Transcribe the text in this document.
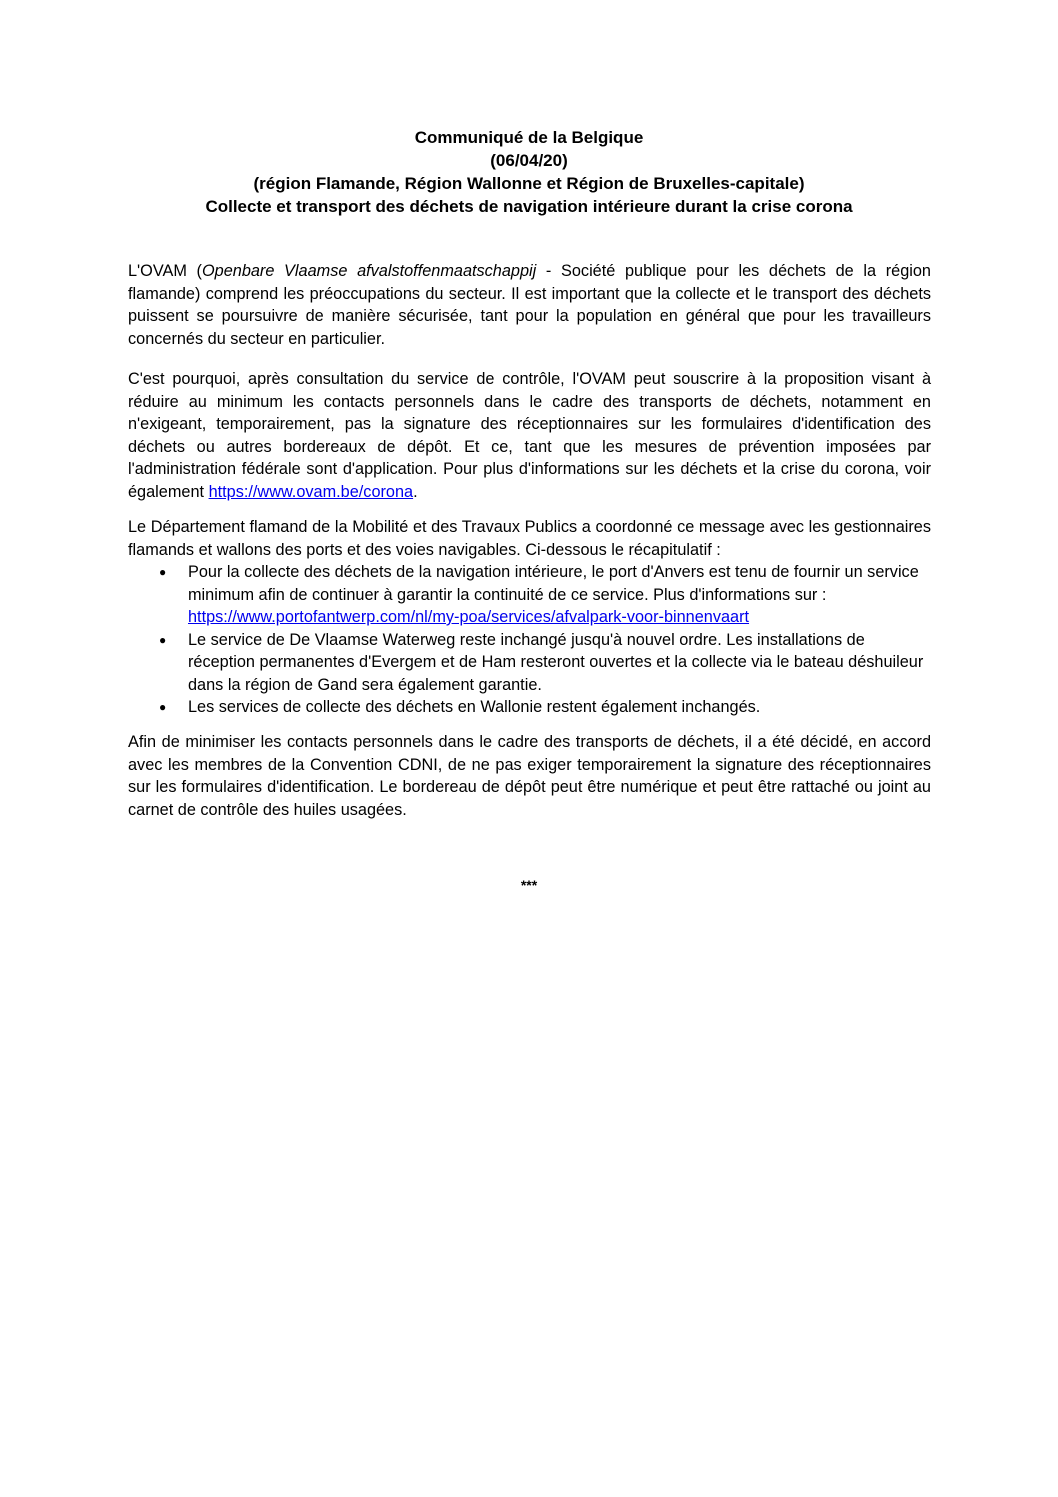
Communiqué de la Belgique
(06/04/20)
(région Flamande, Région Wallonne et Région de Bruxelles-capitale)
Collecte et transport des déchets de navigation intérieure durant la crise corona

L'OVAM (Openbare Vlaamse afvalstoffenmaatschappij - Société publique pour les déchets de la région flamande) comprend les préoccupations du secteur. Il est important que la collecte et le transport des déchets puissent se poursuivre de manière sécurisée, tant pour la population en général que pour les travailleurs concernés du secteur en particulier.

C'est pourquoi, après consultation du service de contrôle, l'OVAM peut souscrire à la proposition visant à réduire au minimum les contacts personnels dans le cadre des transports de déchets, notamment en n'exigeant, temporairement, pas la signature des réceptionnaires sur les formulaires d'identification des déchets ou autres bordereaux de dépôt. Et ce, tant que les mesures de prévention imposées par l'administration fédérale sont d'application. Pour plus d'informations sur les déchets et la crise du corona, voir également https://www.ovam.be/corona.

Le Département flamand de la Mobilité et des Travaux Publics a coordonné ce message avec les gestionnaires flamands et wallons des ports et des voies navigables. Ci-dessous le récapitulatif :

● Pour la collecte des déchets de la navigation intérieure, le port d'Anvers est tenu de fournir un service minimum afin de continuer à garantir la continuité de ce service. Plus d'informations sur : https://www.portofantwerp.com/nl/my-poa/services/afvalpark-voor-binnenvaart
● Le service de De Vlaamse Waterweg reste inchangé jusqu'à nouvel ordre. Les installations de réception permanentes d'Evergem et de Ham resteront ouvertes et la collecte via le bateau déshuileur dans la région de Gand sera également garantie.
● Les services de collecte des déchets en Wallonie restent également inchangés.

Afin de minimiser les contacts personnels dans le cadre des transports de déchets, il a été décidé, en accord avec les membres de la Convention CDNI, de ne pas exiger temporairement la signature des réceptionnaires sur les formulaires d'identification. Le bordereau de dépôt peut être numérique et peut être rattaché ou joint au carnet de contrôle des huiles usagées.

***
